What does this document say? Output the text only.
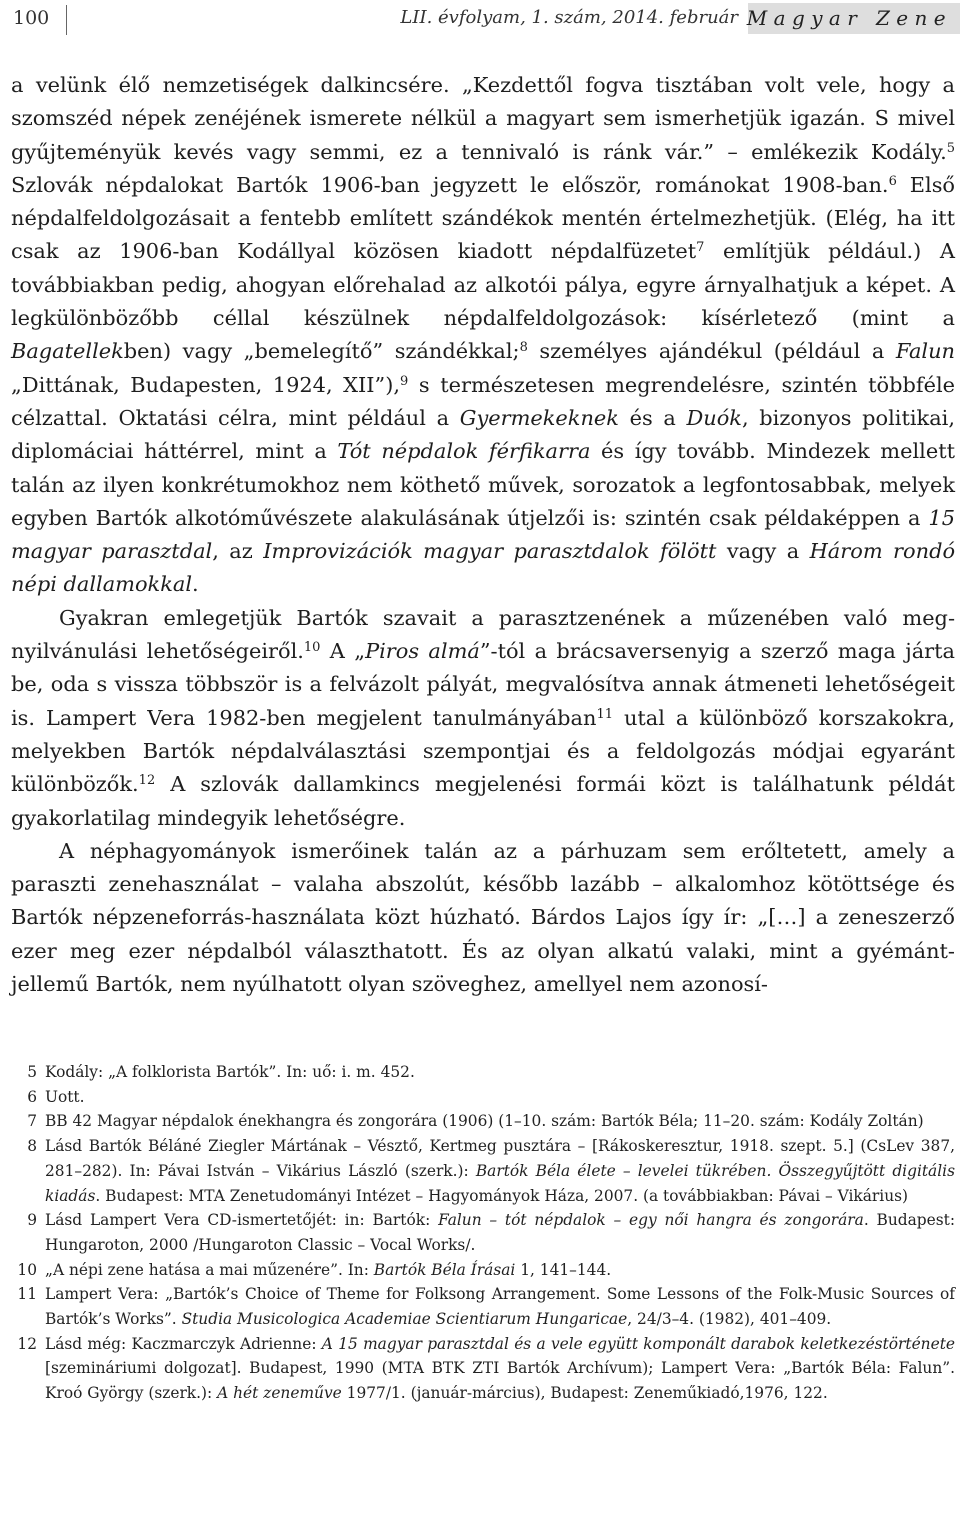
100	LII. évfolyam, 1. szám, 2014. február Magyar Zene

a velünk élő nemzetiségek dalkincsére. „Kezdettől fogva tisztában volt vele, hogy a szomszéd népek zenéjének ismerete nélkül a magyart sem ismerhetjük igazán. S mivel gyűjteményük kevés vagy semmi, ez a tennivaló is ránk vár.” – emlékezik Kodály.$^5$ Szlovák népdalokat Bartók 1906-ban jegyzett le először, románokat 1908-ban.$^6$ Első népdalfeldolgozásait a fentebb említett szándékok mentén értelmezhetjük. (Elég, ha itt csak az 1906-ban Kodállyal közösen kiadott népdalfüzetet$^7$ említjük például.) A továbbiakban pedig, ahogyan előrehalad az alkotói pálya, egyre árnyalhatjuk a képet. A legkülönbözőbb céllal készülnek népdalfeldolgozások: kísérletező (mint a Bagatellekben) vagy „bemelegítő” szándékkal;$^8$ személyes ajándékul (például a Falun „Dittának, Budapesten, 1924, XII”),$^9$ s természetesen megrendelésre, szintén többféle célzattal. Oktatási célra, mint például a Gyermekeknek és a Duók, bizonyos politikai, diplomáciai háttérrel, mint a Tót népdalok férfikarra és így tovább. Mindezek mellett talán az ilyen konkrétumokhoz nem köthető művek, sorozatok a legfontosabbak, melyek egyben Bartók alkotóművészete alakulásának útjelzői is: szintén csak példaképpen a 15 magyar parasztdal, az Improvizációk magyar parasztdalok fölött vagy a Három rondó népi dallamokkal.

Gyakran emlegetjük Bartók szavait a parasztzenének a műzenében való megnyilvánulási lehetőségeiről.$^{10}$ A „Piros almá”-tól a brácsaversenyig a szerző maga járta be, oda s vissza többször is a felvázolt pályát, megvalósítva annak átmeneti lehetőségeit is. Lampert Vera 1982-ben megjelent tanulmányában$^{11}$ utal a különböző korszakokra, melyekben Bartók népdalválasztási szempontjai és a feldolgozás módjai egyaránt különbözők.$^{12}$ A szlovák dallamkincs megjelenési formái közt is találhatunk példát gyakorlatilag mindegyik lehetőségre.

A néphagyományok ismerőinek talán az a párhuzam sem erőltetett, amely a paraszti zenehasználat – valaha abszolút, később lazább – alkalomhoz kötöttsége és Bartók népzeneforrás-használata közt húzható. Bárdos Lajos így ír: „[…] a zeneszerző ezer meg ezer népdalból választhatott. És az olyan alkatú valaki, mint a gyémánt-jellemű Bartók, nem nyúlhatott olyan szöveghez, amellyel nem azonosí-

5 Kodály: „A folklorista Bartók”. In: uő: i. m. 452.
6 Uott.
7 BB 42 Magyar népdalok énekhangra és zongorára (1906) (1–10. szám: Bartók Béla; 11–20. szám: Kodály Zoltán)
8 Lásd Bartók Béláné Ziegler Mártának – Vésztő, Kertmeg pusztára – [Rákoskeresztur, 1918. szept. 5.] (CsLev 387, 281–282). In: Pávai István – Vikárius László (szerk.): Bartók Béla élete – levelei tükrében. Összegyűjtött digitális kiadás. Budapest: MTA Zenetudományi Intézet – Hagyományok Háza, 2007. (a továbbiakban: Pávai – Vikárius)
9 Lásd Lampert Vera CD-ismertetőjét: in: Bartók: Falun – tót népdalok – egy női hangra és zongorára. Budapest: Hungaroton, 2000 /Hungaroton Classic – Vocal Works/.
10 „A népi zene hatása a mai műzenére”. In: Bartók Béla Írásai 1, 141–144.
11 Lampert Vera: „Bartók’s Choice of Theme for Folksong Arrangement. Some Lessons of the Folk-Music Sources of Bartók’s Works”. Studia Musicologica Academiae Scientiarum Hungaricae, 24/3–4. (1982), 401–409.
12 Lásd még: Kaczmarczyk Adrienne: A 15 magyar parasztdal és a vele együtt komponált darabok keletkezéstörténete [szemináriumi dolgozat]. Budapest, 1990 (MTA BTK ZTI Bartók Archívum); Lampert Vera: „Bartók Béla: Falun”. Kroó György (szerk.): A hét zeneműve 1977/1. (január-március), Budapest: Zeneműkiadó,1976, 122.
